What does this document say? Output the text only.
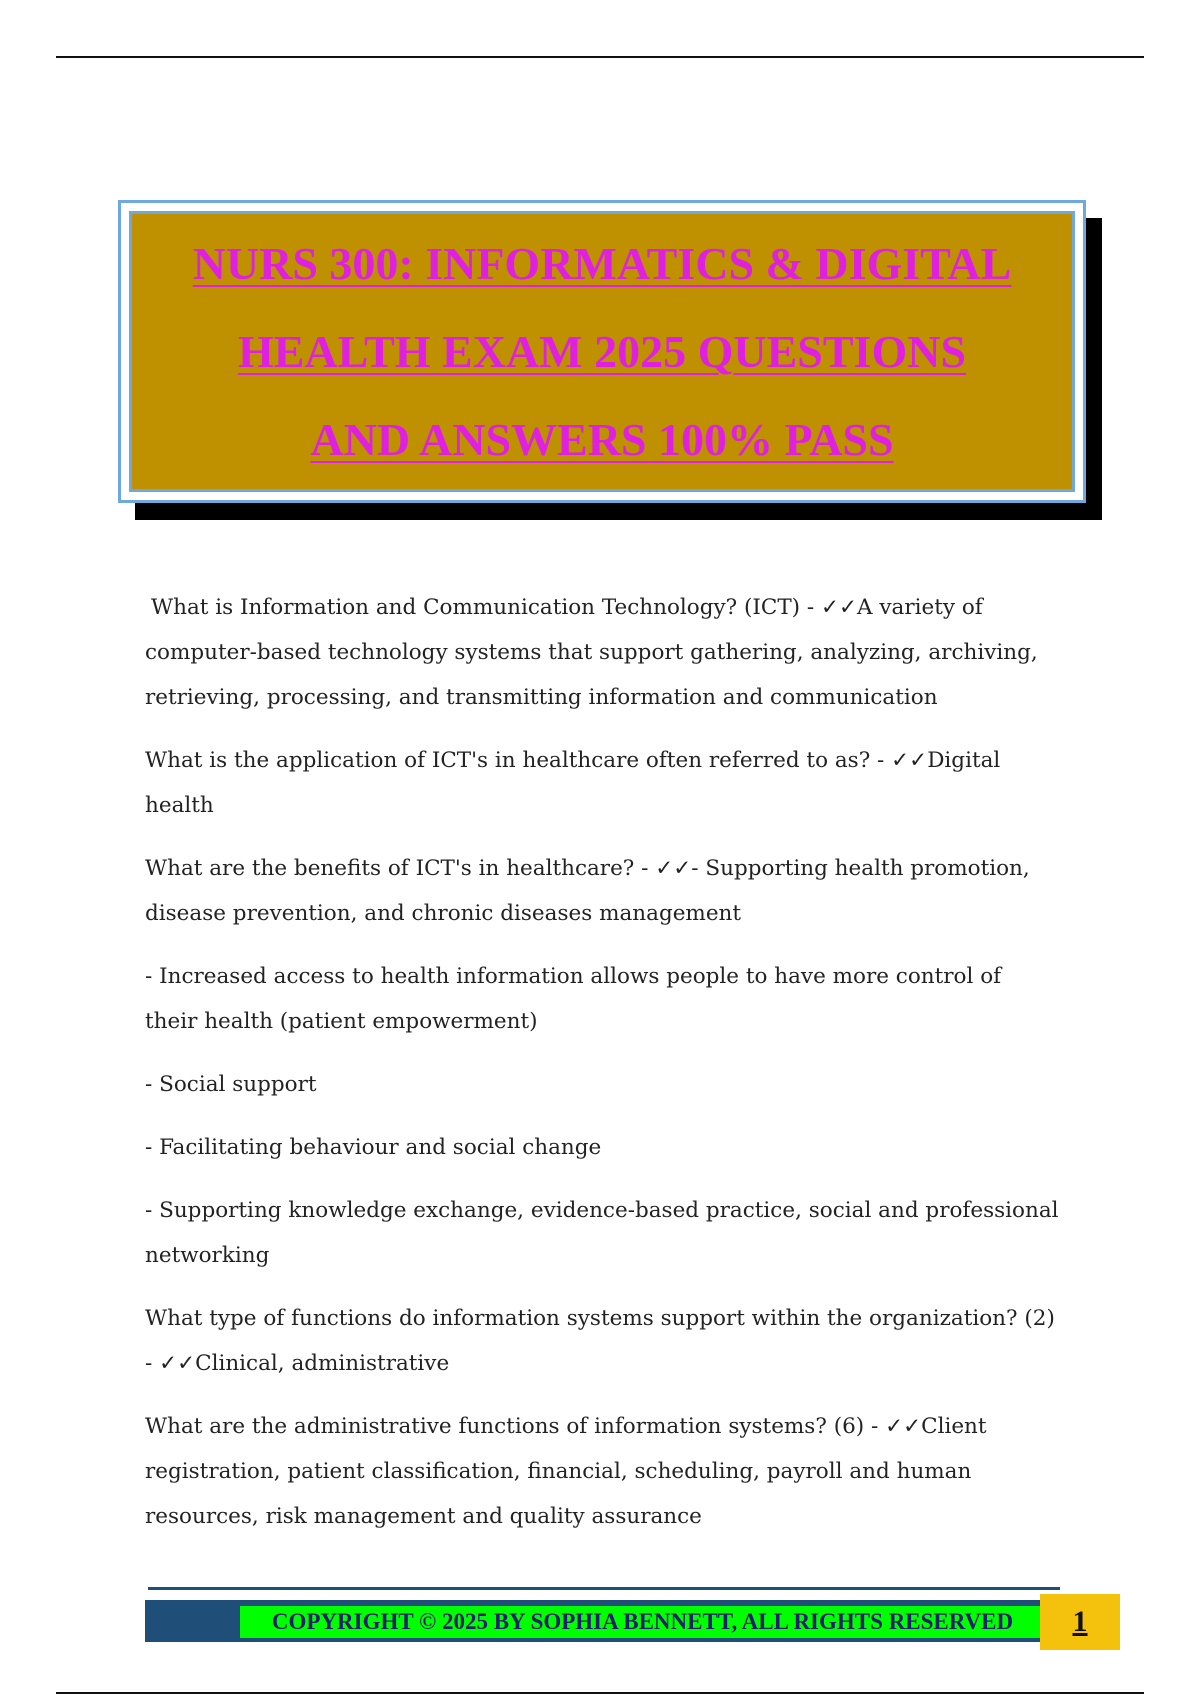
NURS 300: INFORMATICS & DIGITAL
HEALTH EXAM 2025 QUESTIONS
AND ANSWERS 100% PASS

What is Information and Communication Technology? (ICT) - ✓✓A variety of computer-based technology systems that support gathering, analyzing, archiving, retrieving, processing, and transmitting information and communication

What is the application of ICT's in healthcare often referred to as? - ✓✓Digital health

What are the benefits of ICT's in healthcare? - ✓✓- Supporting health promotion, disease prevention, and chronic diseases management

- Increased access to health information allows people to have more control of their health (patient empowerment)

- Social support

- Facilitating behaviour and social change

- Supporting knowledge exchange, evidence-based practice, social and professional networking

What type of functions do information systems support within the organization? (2) - ✓✓Clinical, administrative

What are the administrative functions of information systems? (6) - ✓✓Client registration, patient classification, financial, scheduling, payroll and human resources, risk management and quality assurance

COPYRIGHT © 2025 BY SOPHIA BENNETT, ALL RIGHTS RESERVED 1
